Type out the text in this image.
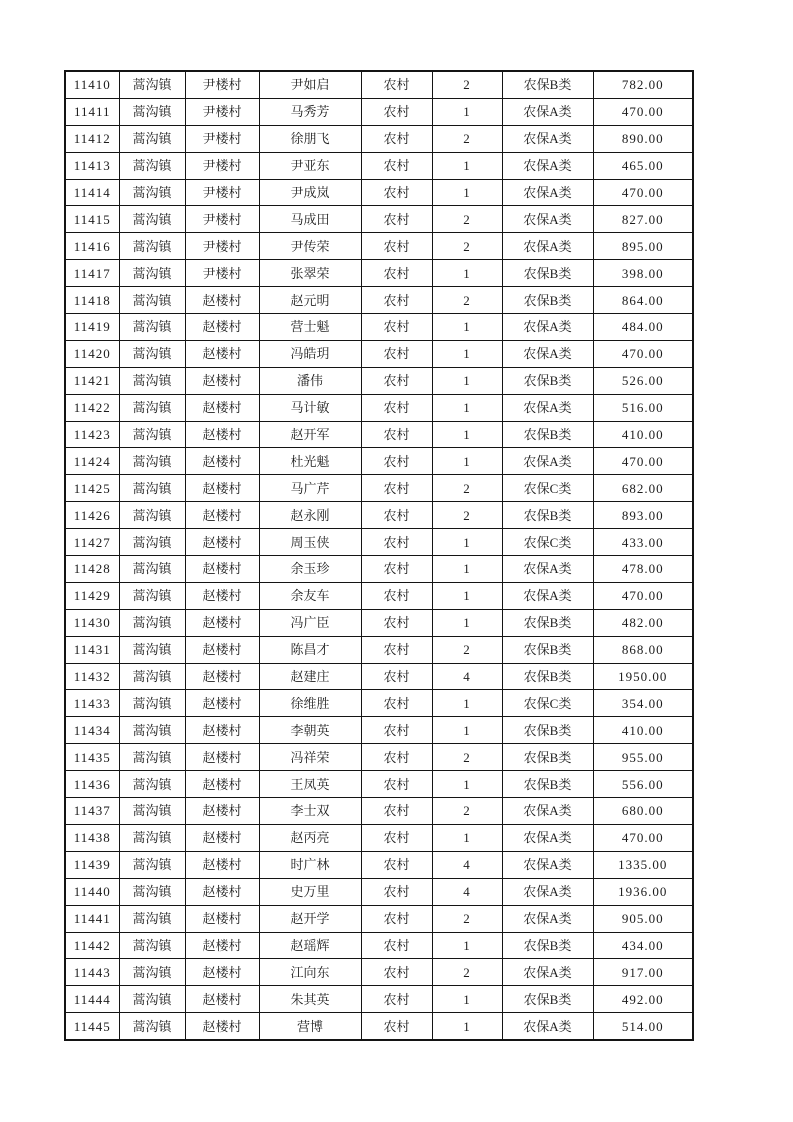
11410	蒿沟镇	尹楼村	尹如启	农村	2	农保B类	782.00
11411	蒿沟镇	尹楼村	马秀芳	农村	1	农保A类	470.00
11412	蒿沟镇	尹楼村	徐朋飞	农村	2	农保A类	890.00
11413	蒿沟镇	尹楼村	尹亚东	农村	1	农保A类	465.00
11414	蒿沟镇	尹楼村	尹成岚	农村	1	农保A类	470.00
11415	蒿沟镇	尹楼村	马成田	农村	2	农保A类	827.00
11416	蒿沟镇	尹楼村	尹传荣	农村	2	农保A类	895.00
11417	蒿沟镇	尹楼村	张翠荣	农村	1	农保B类	398.00
11418	蒿沟镇	赵楼村	赵元明	农村	2	农保B类	864.00
11419	蒿沟镇	赵楼村	营士魁	农村	1	农保A类	484.00
11420	蒿沟镇	赵楼村	冯皓玥	农村	1	农保A类	470.00
11421	蒿沟镇	赵楼村	潘伟	农村	1	农保B类	526.00
11422	蒿沟镇	赵楼村	马计敏	农村	1	农保A类	516.00
11423	蒿沟镇	赵楼村	赵开军	农村	1	农保B类	410.00
11424	蒿沟镇	赵楼村	杜光魁	农村	1	农保A类	470.00
11425	蒿沟镇	赵楼村	马广芹	农村	2	农保C类	682.00
11426	蒿沟镇	赵楼村	赵永刚	农村	2	农保B类	893.00
11427	蒿沟镇	赵楼村	周玉侠	农村	1	农保C类	433.00
11428	蒿沟镇	赵楼村	余玉珍	农村	1	农保A类	478.00
11429	蒿沟镇	赵楼村	余友车	农村	1	农保A类	470.00
11430	蒿沟镇	赵楼村	冯广臣	农村	1	农保B类	482.00
11431	蒿沟镇	赵楼村	陈昌才	农村	2	农保B类	868.00
11432	蒿沟镇	赵楼村	赵建庄	农村	4	农保B类	1950.00
11433	蒿沟镇	赵楼村	徐维胜	农村	1	农保C类	354.00
11434	蒿沟镇	赵楼村	李朝英	农村	1	农保B类	410.00
11435	蒿沟镇	赵楼村	冯祥荣	农村	2	农保B类	955.00
11436	蒿沟镇	赵楼村	王凤英	农村	1	农保B类	556.00
11437	蒿沟镇	赵楼村	李士双	农村	2	农保A类	680.00
11438	蒿沟镇	赵楼村	赵丙亮	农村	1	农保A类	470.00
11439	蒿沟镇	赵楼村	时广林	农村	4	农保A类	1335.00
11440	蒿沟镇	赵楼村	史万里	农村	4	农保A类	1936.00
11441	蒿沟镇	赵楼村	赵开学	农村	2	农保A类	905.00
11442	蒿沟镇	赵楼村	赵瑶辉	农村	1	农保B类	434.00
11443	蒿沟镇	赵楼村	江向东	农村	2	农保A类	917.00
11444	蒿沟镇	赵楼村	朱其英	农村	1	农保B类	492.00
11445	蒿沟镇	赵楼村	营博	农村	1	农保A类	514.00
